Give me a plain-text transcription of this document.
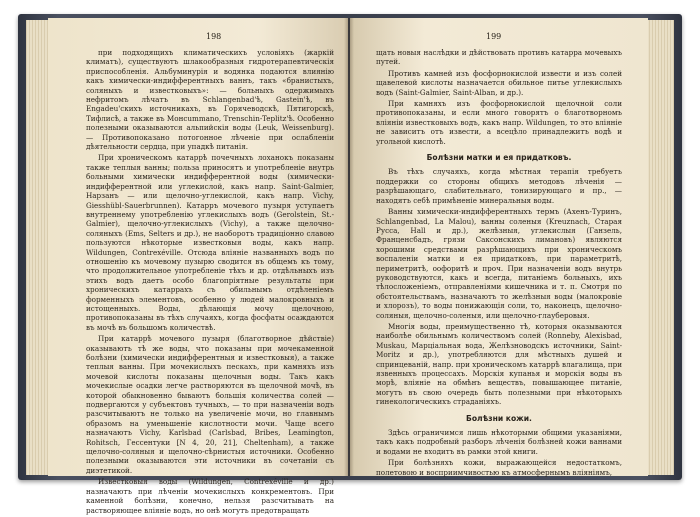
198

при подходящихъ климатическихъ условіяхъ (жаркій климатъ), существуютъ шлакообразныя гидротерапевтическія приспособленія. Альбуминурія и водянка подаются влиянію какъ химически-индифферентныхъ ваннъ, такъ «бранистыхъ, соляныхъ и известковыхъ»: — больныхъ одержимыхъ нефритомъ лѣчатъ въ Schlangenbad'ѣ, Gastein'ѣ, въ Engadeu'скихъ источникахъ, въ Горячеводскѣ, Пятигорскѣ, Тифлисѣ, а также въ Монсummano, Trenschin-Teplitz'ѣ. Особенно полезными оказываются альпийскія воды (Leuk, Weissenburg). — Противопоказано потогонное лѣченіе при ослабленіи дѣятельности сердца, при упадкѣ питанія.

При хроническомъ катаррѣ почечныхъ лоханокъ показаны также теплыя ванны; польза приносятъ и употребленіе внутрь больными химически индифферентной воды (химически-индифферентной или углекислой, какъ напр. Saint-Galmier, Нарзанъ — или щелочно-углекислой, какъ напр. Vichy, Giesshübl-Sauerbrunnen). Катарръ мочевого пузыря уступаетъ внутреннему употребленію углекислыхъ водъ (Gerolstein, St.-Galmier), щелочно-углекислыхъ (Vichy), а также щелочно-соляныхъ (Ems, Selters и др.), не наоборотъ традиціонно славою пользуются нѣкоторые известковыя воды, какъ напр. Wildungen, Contrexéville. Отсюда вліяніе названныхъ водъ по отношенію къ мочевому пузырю сводится въ общемъ къ тому, что продолжительное употребленіе тѣхъ и др. отдѣльныхъ изъ этихъ водъ даетъ особо благопріятные результаты при хроническихъ катаррахъ съ обильнымъ отдѣленіемъ форменныхъ элементовъ, особенно у людей малокровныхъ и истощенныхъ. Воды, дѣлающія мочу щелочною, противопоказаны въ тѣхъ случаяхъ, когда фосфаты осаждаются въ мочѣ въ большомъ количествѣ.

При катаррѣ мочевого пузыря (благотворное дѣйствіе) оказываютъ тѣ же воды, что показаны при мочекаменной болѣзни (химически индифферентныя и известковыя), а также теплыя ванны. При мочекислыхъ пескахъ, при камняхъ изъ мочевой кислоты показаны щелочныя воды. Такъ какъ мочекислые осадки легче растворяются въ щелочной мочѣ, въ которой обыкновенно бываютъ большія количества солей — подвергаются у субъектовъ тучныхъ, — то при назначеніи водъ разсчитываютъ не только на увеличеніе мочи, но главнымъ образомъ на уменьшеніе кислотности мочи. Чаще всего назначаютъ Vichy, Karlsbad (Carlsbad, Bribes, Leamington, Rohitsch, Гессентуки [N 4, 20, 21], Cheltenham), а также щелочно-соляныя и щелочно-сѣрнистыя источники. Особенно полезными оказываются эти источники въ сочетаніи съ диэтетикой.

Известковыя воды (Wildungen, Contrexéville и др.) назначаютъ при лѣченіи мочекислыхъ конкрементовъ. При каменной болѣзни, конечно, нельзя разсчитывать на растворяющее вліяніе водъ, но онѣ могутъ предотвращать

199

щать новыя наслѣдки и дѣйствовать противъ катарра мочевыхъ путей.

Противъ камней изъ фосфорнокислой извести и изъ солей щавелевой кислоты назначается обильное питье углекислыхъ водъ (Saint-Galmier, Saint-Alban, и др.).

При камняхъ изъ фосфорнокислой щелочной соли противопоказаны, и если много говорятъ о благотворномъ вліяніи известковыхъ водъ, какъ напр. Wildungen, то это вліяніе не зависитъ отъ извести, а всецѣло принадлежитъ водѣ и угольной кислотѣ.

Болѣзни матки и ея придатковъ.

Въ тѣхъ случаяхъ, когда мѣстная терапія требуетъ поддержки со стороны общихъ методовъ лѣченія — разрѣшающаго, слабительнаго, тонизирующаго и пр., — находятъ себѣ примѣненіе минеральныя воды.

Ванны химически-индифферентныхъ термъ (Ахенъ-Туринъ, Schlangenbad, La Malou), ванны соленыя (Kreuznach, Старая Русса, Hall и др.), желѣзныя, углекислыя (Ганзель, Франценсбадъ, грязи Саксонскихъ лимановъ) являются хорошими средствами разрѣшающихъ при хроническомъ воспаленіи матки и ея придатковъ, при параметритѣ, периметритѣ, оофоритѣ и проч. При назначеніи водъ внутрь руководствуются, какъ и всегда, питаніемъ больныхъ, ихъ тѣлосложеніемъ, отправленіями кишечника и т. п. Смотря по обстоятельствамъ, назначаютъ то желѣзныя воды (малокровіе и хлорозъ), то воды понижающія соли, то, наконецъ, щелочно-соляныя, щелочно-соленыя, или щелочно-глауберовыя.

Многія воды, преимущественно тѣ, которыя оказываются наиболѣе обильнымъ количествомъ солей (Ronneby, Alexisbad, Muskau, Марціальная вода, Желѣзноводскъ источники, Saint-Moritz и др.), употребляются для мѣстныхъ душей и спринцеваній, напр. при хроническомъ катаррѣ влагалища, при язвенныхъ процессахъ. Морскія купанья и морскія воды въ морѣ, вліяніе на обмѣнъ веществъ, повышающее питаніе, могутъ въ свою очередь быть полезными при нѣкоторыхъ гинекологическихъ страданіяхъ.

Болѣзни кожи.

Здѣсь ограничимся лишь нѣкоторыми общими указаніями, такъ какъ подробный разборъ лѣченія болѣзней кожи ваннами и водами не входитъ въ рамки этой книги.

При болѣзняхъ кожи, выражающейся недостаткомъ, полетовою и восприимчивостью къ атмосфернымъ вліяніямъ,
